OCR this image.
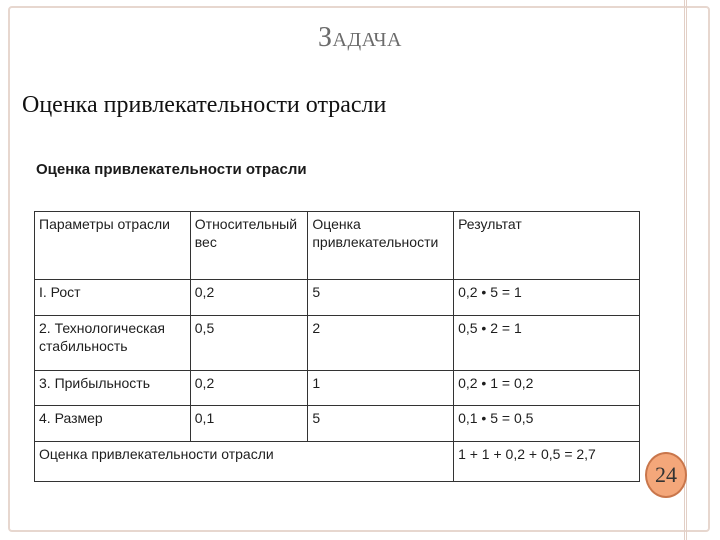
ЗАДАЧА
Оценка привлекательности отрасли
Оценка привлекательности отрасли
Параметры отрасли	Относительный вес	Оценка привлекательности	Результат
I. Рост	0,2	5	0,2 • 5 = 1
2. Технологическая стабильность	0,5	2	0,5 • 2 = 1
3. Прибыльность	0,2	1	0,2 • 1 = 0,2
4. Размер	0,1	5	0,1 • 5 = 0,5
Оценка привлекательности отрасли			1 + 1 + 0,2 + 0,5 = 2,7
24
